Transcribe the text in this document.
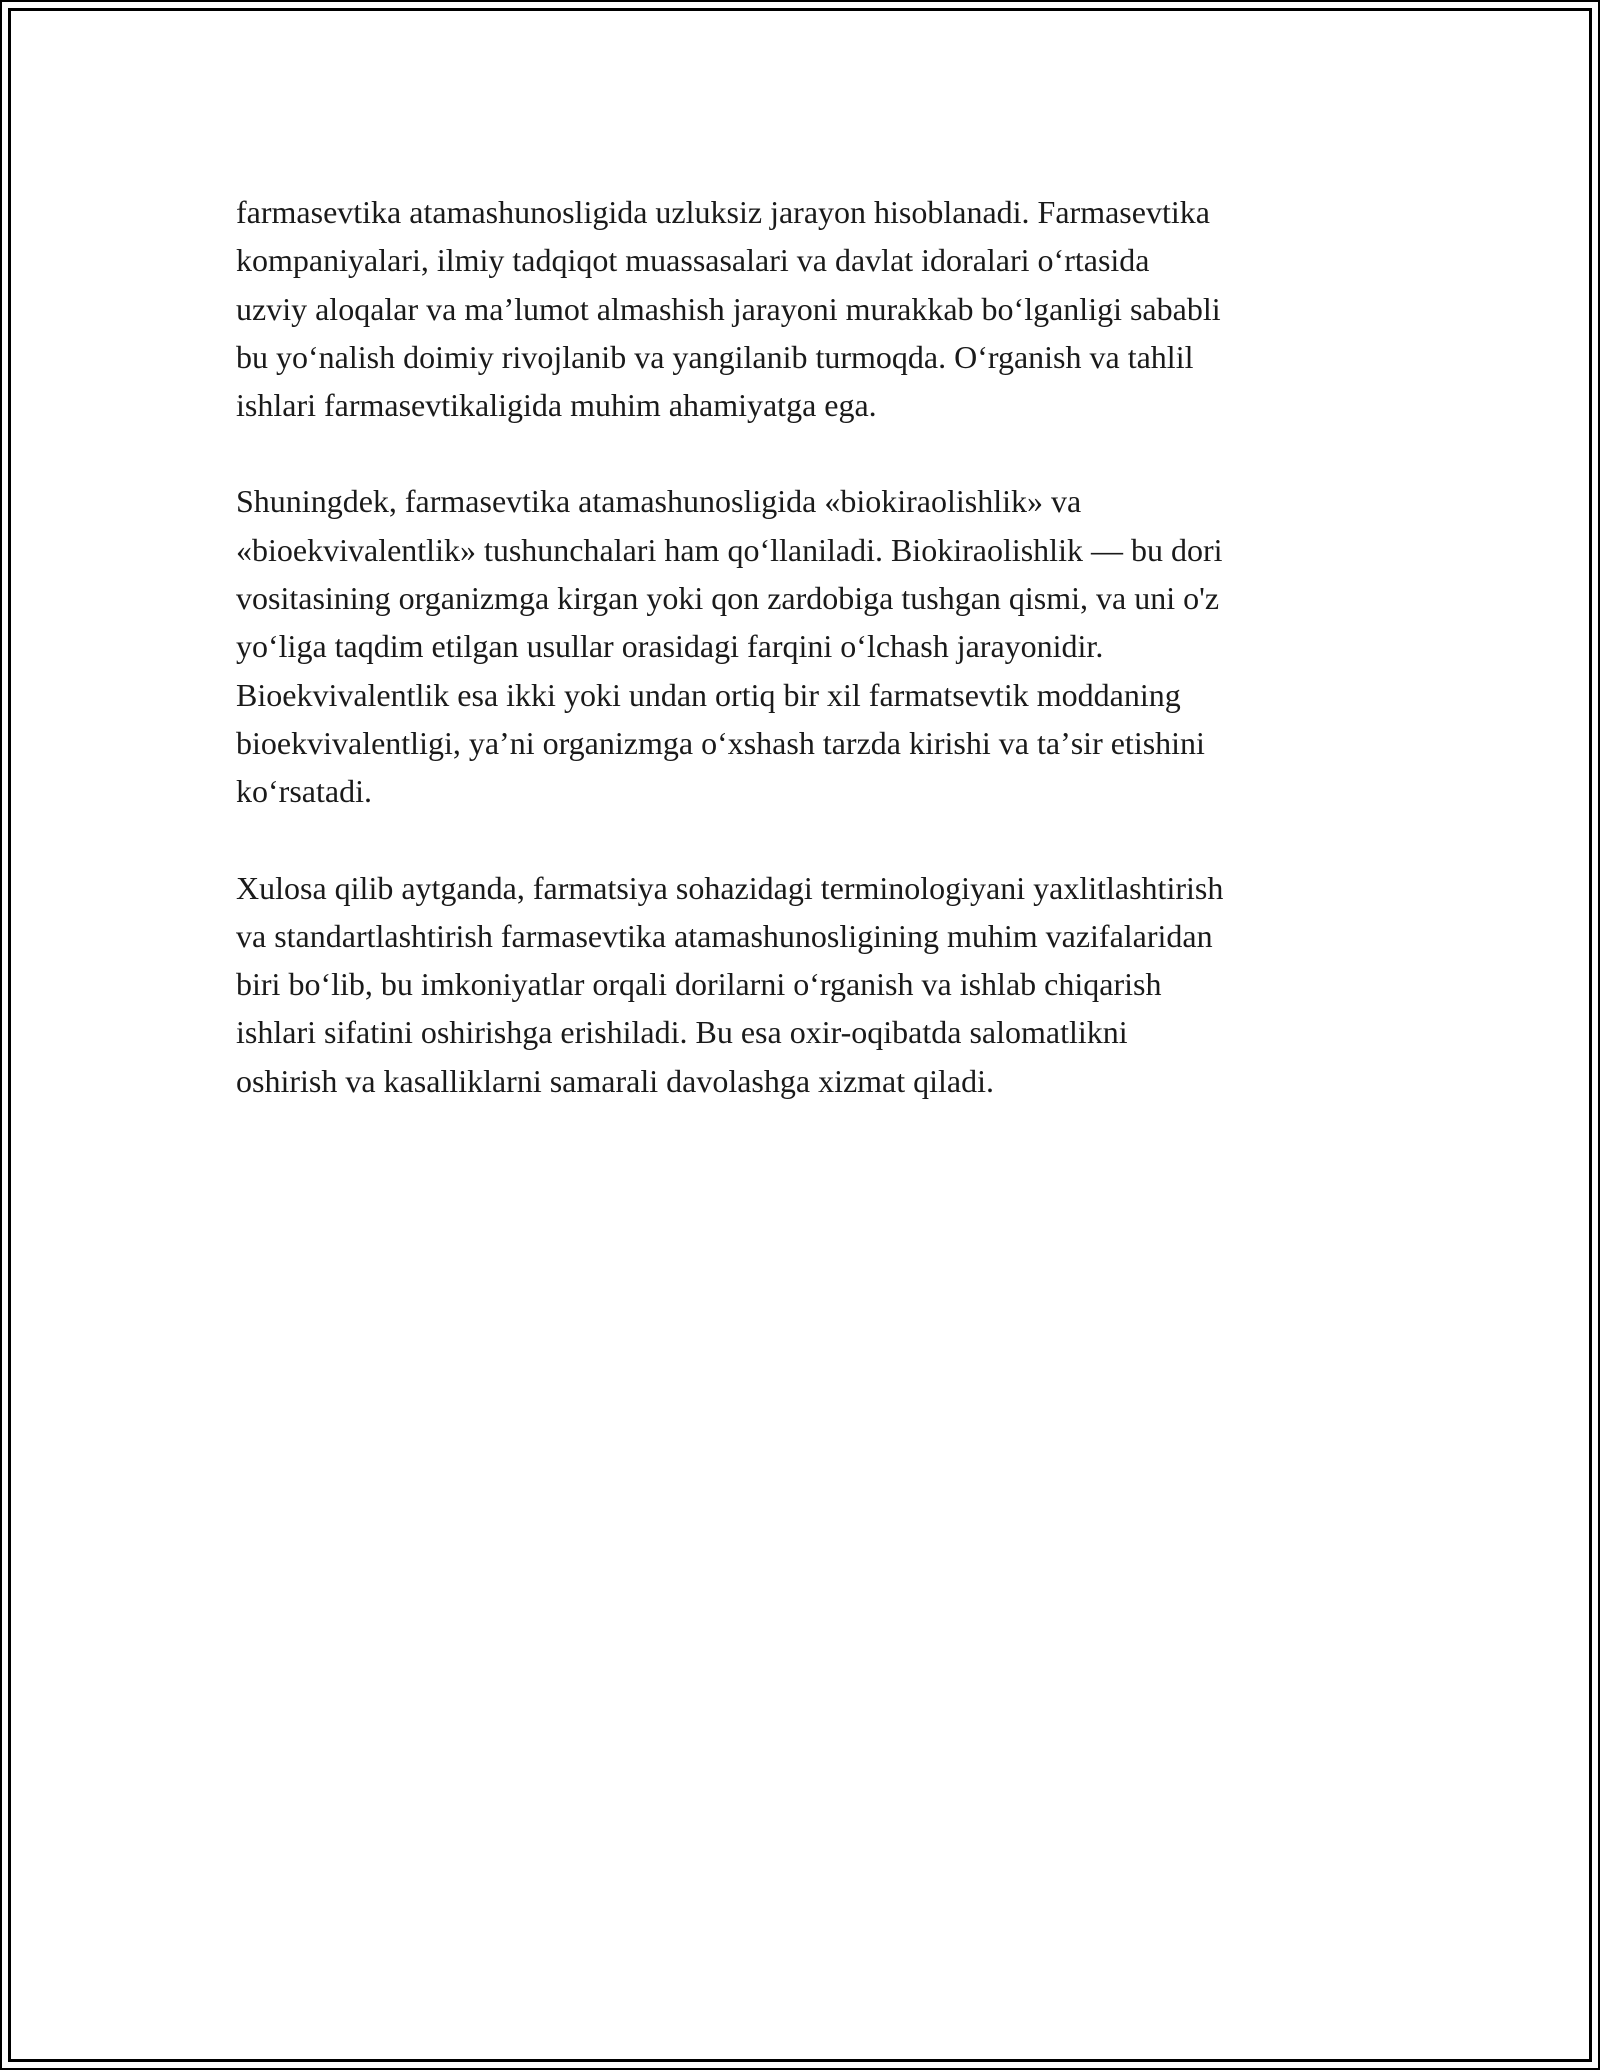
farmasevtika atamashunosligida uzluksiz jarayon hisoblanadi. Farmasevtika
kompaniyalari, ilmiy tadqiqot muassasalari va davlat idoralari oʻrtasida
uzviy aloqalar va maʼlumot almashish jarayoni murakkab boʻlganligi sababli
bu yoʻnalish doimiy rivojlanib va yangilanib turmoqda. Oʻrganish va tahlil
ishlari farmasevtikaligida muhim ahamiyatga ega.

Shuningdek, farmasevtika atamashunosligida «biokiraolishlik» va
«bioekvivalentlik» tushunchalari ham qoʻllaniladi. Biokiraolishlik — bu dori
vositasining organizmga kirgan yoki qon zardobiga tushgan qismi, va uni o'z
yoʻliga taqdim etilgan usullar orasidagi farqini oʻlchash jarayonidir.
Bioekvivalentlik esa ikki yoki undan ortiq bir xil farmatsevtik moddaning
bioekvivalentligi, yaʼni organizmga oʻxshash tarzda kirishi va taʼsir etishini
koʻrsatadi.

Xulosa qilib aytganda, farmatsiya sohazidagi terminologiyani yaxlitlashtirish
va standartlashtirish farmasevtika atamashunosligining muhim vazifalaridan
biri boʻlib, bu imkoniyatlar orqali dorilarni oʻrganish va ishlab chiqarish
ishlari sifatini oshirishga erishiladi. Bu esa oxir-oqibatda salomatlikni
oshirish va kasalliklarni samarali davolashga xizmat qiladi.
